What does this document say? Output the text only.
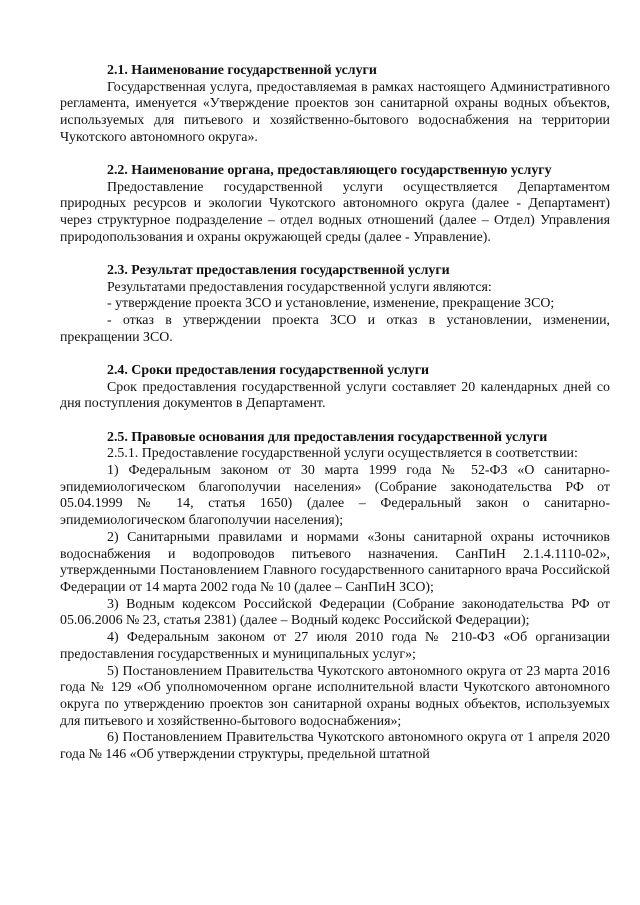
2.1. Наименование государственной услуги

Государственная услуга, предоставляемая в рамках настоящего Административного регламента, именуется «Утверждение проектов зон санитарной охраны водных объектов, используемых для питьевого и хозяйственно-бытового водоснабжения на территории Чукотского автономного округа».

2.2. Наименование органа, предоставляющего государственную услугу

Предоставление государственной услуги осуществляется Департаментом природных ресурсов и экологии Чукотского автономного округа (далее - Департамент) через структурное подразделение – отдел водных отношений (далее – Отдел) Управления природопользования и охраны окружающей среды (далее - Управление).

2.3. Результат предоставления государственной услуги

Результатами предоставления государственной услуги являются:

- утверждение проекта ЗСО и установление, изменение, прекращение ЗСО;

- отказ в утверждении проекта ЗСО и отказ в установлении, изменении, прекращении ЗСО.

2.4. Сроки предоставления государственной услуги

Срок предоставления государственной услуги составляет 20 календарных дней со дня поступления документов в Департамент.

2.5. Правовые основания для предоставления государственной услуги

2.5.1. Предоставление государственной услуги осуществляется в соответствии:

1) Федеральным законом от 30 марта 1999 года № 52-ФЗ «О санитарно-эпидемиологическом благополучии населения» (Собрание законодательства РФ от 05.04.1999 № 14, статья 1650) (далее – Федеральный закон о санитарно-эпидемиологическом благополучии населения);

2) Санитарными правилами и нормами «Зоны санитарной охраны источников водоснабжения и водопроводов питьевого назначения. СанПиН 2.1.4.1110-02», утвержденными Постановлением Главного государственного санитарного врача Российской Федерации от 14 марта 2002 года № 10 (далее – СанПиН ЗСО);

3) Водным кодексом Российской Федерации (Собрание законодательства РФ от 05.06.2006 № 23, статья 2381) (далее – Водный кодекс Российской Федерации);

4) Федеральным законом от 27 июля 2010 года № 210-ФЗ «Об организации предоставления государственных и муниципальных услуг»;

5) Постановлением Правительства Чукотского автономного округа от 23 марта 2016 года № 129 «Об уполномоченном органе исполнительной власти Чукотского автономного округа по утверждению проектов зон санитарной охраны водных объектов, используемых для питьевого и хозяйственно-бытового водоснабжения»;

6) Постановлением Правительства Чукотского автономного округа от 1 апреля 2020 года № 146 «Об утверждении структуры, предельной штатной
